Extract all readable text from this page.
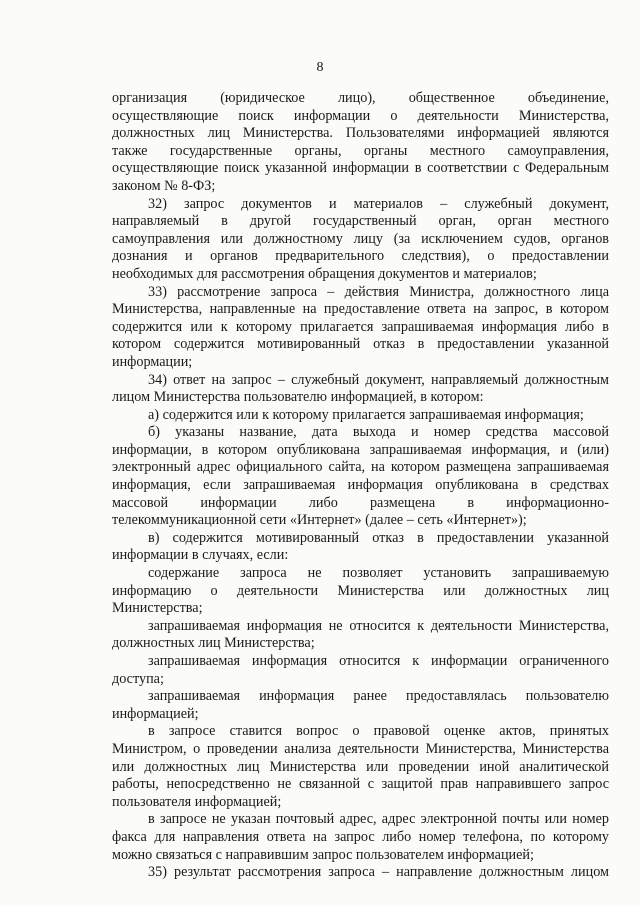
8
организация (юридическое лицо), общественное объединение,
осуществляющие поиск информации о деятельности Министерства,
должностных лиц Министерства. Пользователями информацией являются
также государственные органы, органы местного самоуправления,
осуществляющие поиск указанной информации в соответствии с Федеральным
законом № 8-ФЗ;
32) запрос документов и материалов – служебный документ,
направляемый в другой государственный орган, орган местного
самоуправления или должностному лицу (за исключением судов, органов
дознания и органов предварительного следствия), о предоставлении
необходимых для рассмотрения обращения документов и материалов;
33) рассмотрение запроса – действия Министра, должностного лица
Министерства, направленные на предоставление ответа на запрос, в котором
содержится или к которому прилагается запрашиваемая информация либо в
котором содержится мотивированный отказ в предоставлении указанной
информации;
34) ответ на запрос – служебный документ, направляемый должностным
лицом Министерства пользователю информацией, в котором:
а) содержится или к которому прилагается запрашиваемая информация;
б) указаны название, дата выхода и номер средства массовой
информации, в котором опубликована запрашиваемая информация, и (или)
электронный адрес официального сайта, на котором размещена запрашиваемая
информация, если запрашиваемая информация опубликована в средствах
массовой информации либо размещена в информационно-
телекоммуникационной сети «Интернет» (далее – сеть «Интернет»);
в) содержится мотивированный отказ в предоставлении указанной
информации в случаях, если:
содержание запроса не позволяет установить запрашиваемую
информацию о деятельности Министерства или должностных лиц
Министерства;
запрашиваемая информация не относится к деятельности Министерства,
должностных лиц Министерства;
запрашиваемая информация относится к информации ограниченного
доступа;
запрашиваемая информация ранее предоставлялась пользователю
информацией;
в запросе ставится вопрос о правовой оценке актов, принятых
Министром, о проведении анализа деятельности Министерства, Министерства
или должностных лиц Министерства или проведении иной аналитической
работы, непосредственно не связанной с защитой прав направившего запрос
пользователя информацией;
в запросе не указан почтовый адрес, адрес электронной почты или номер
факса для направления ответа на запрос либо номер телефона, по которому
можно связаться с направившим запрос пользователем информацией;
35) результат рассмотрения запроса – направление должностным лицом
